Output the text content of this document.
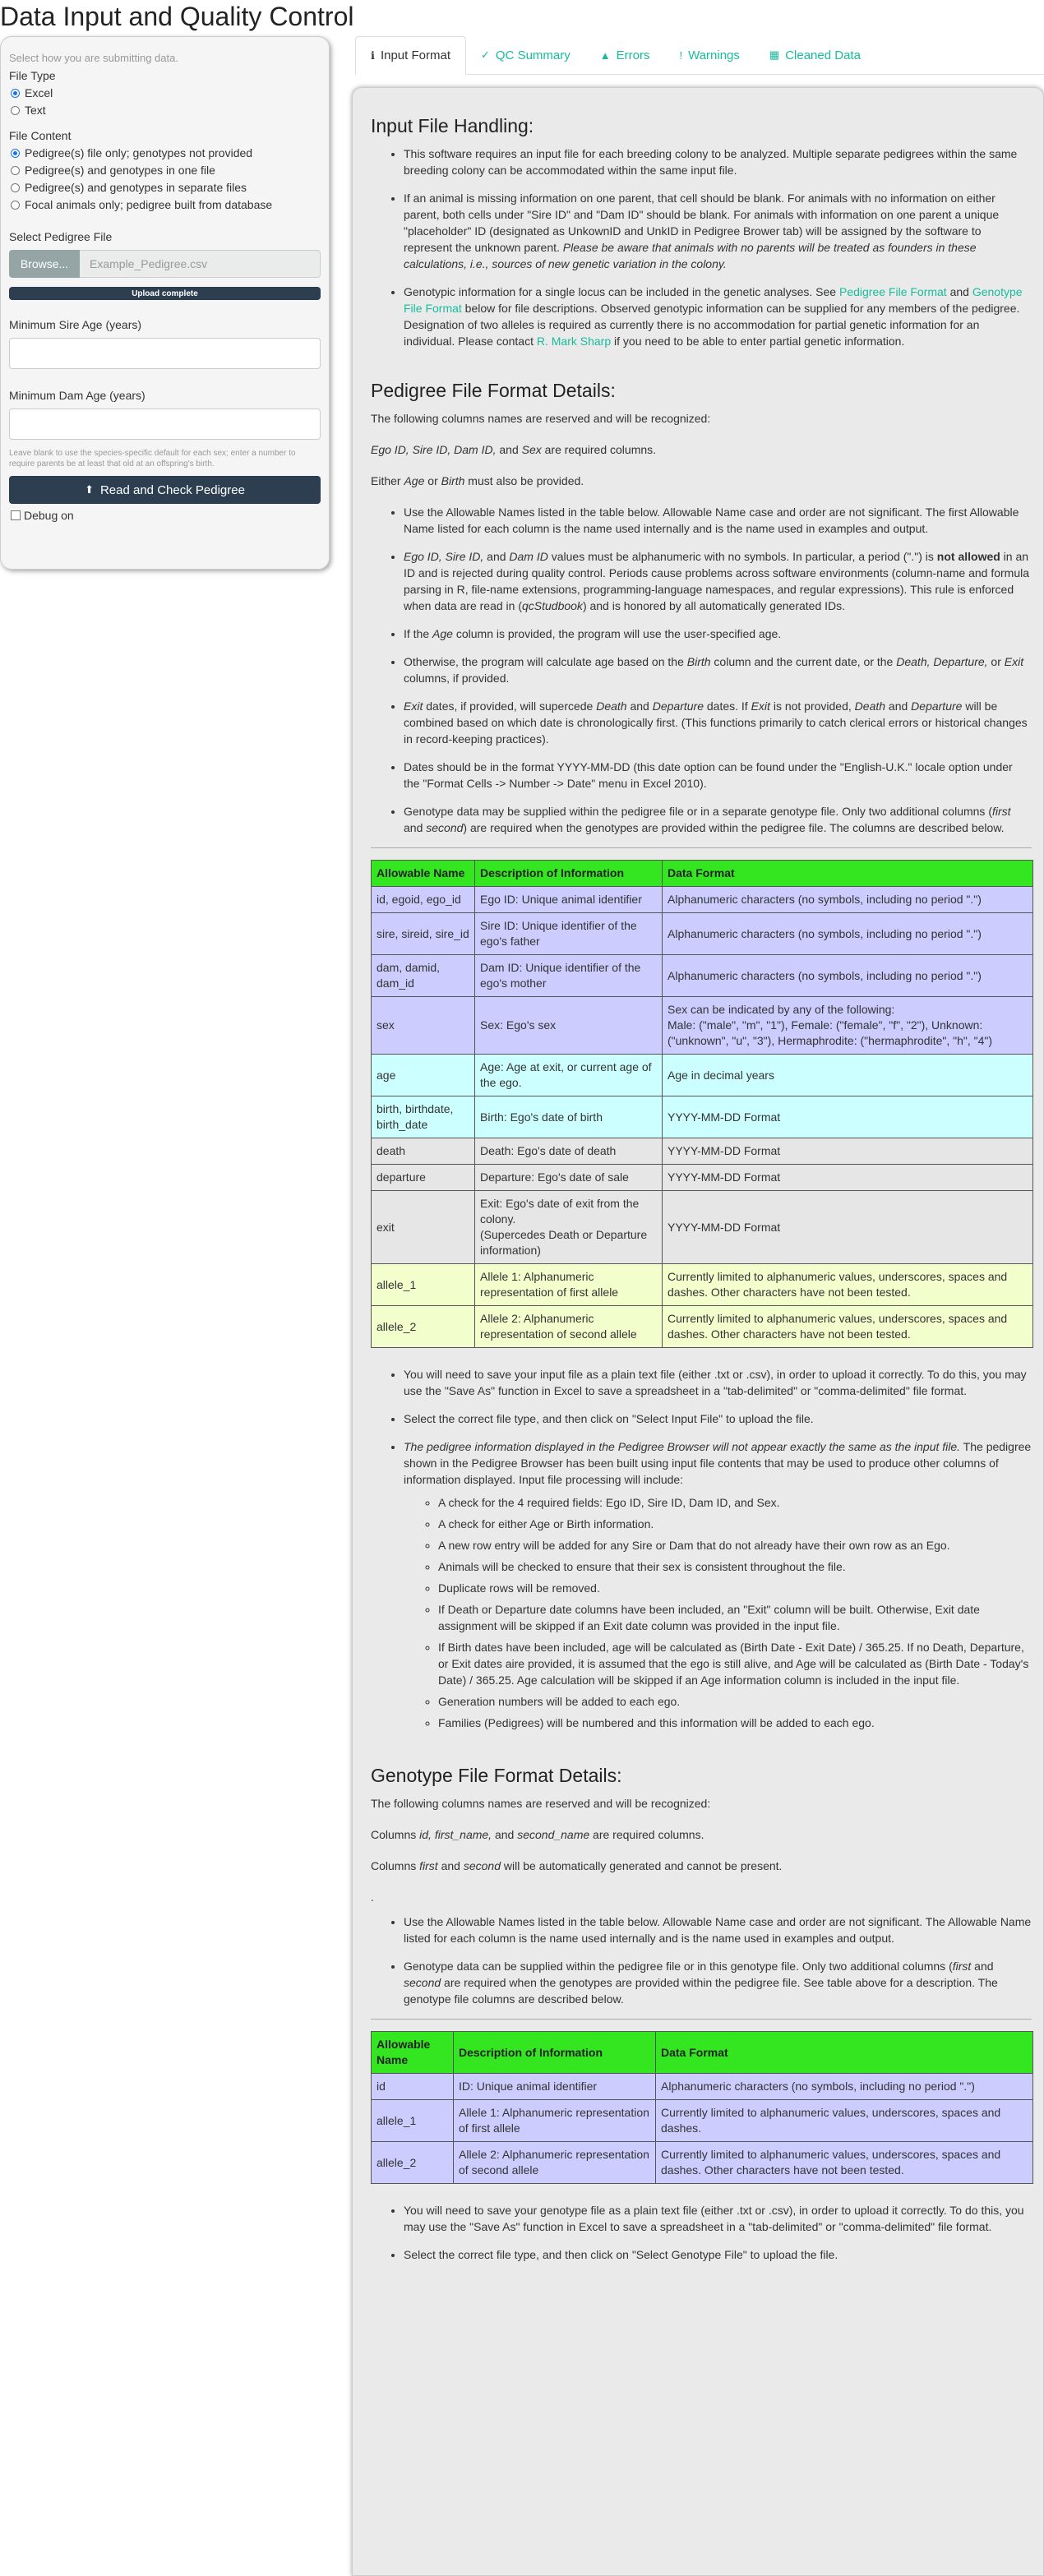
Data Input and Quality Control
Select how you are submitting data.
File Type
Excel
Text
File Content
Pedigree(s) file only; genotypes not provided
Pedigree(s) and genotypes in one file
Pedigree(s) and genotypes in separate files
Focal animals only; pedigree built from database
Select Pedigree File
Browse...	Example_Pedigree.csv
Upload complete
Minimum Sire Age (years)
Minimum Dam Age (years)
Leave blank to use the species-specific default for each sex; enter a number to require parents be at least that old at an offspring's birth.
⬆ Read and Check Pedigree
Debug on
ℹ Input Format	✓ QC Summary	▲ Errors	! Warnings	▦ Cleaned Data
Input File Handling:
• This software requires an input file for each breeding colony to be analyzed. Multiple separate pedigrees within the same breeding colony can be accommodated within the same input file.
• If an animal is missing information on one parent, that cell should be blank. For animals with no information on either parent, both cells under "Sire ID" and "Dam ID" should be blank. For animals with information on one parent a unique "placeholder" ID (designated as UnkownID and UnkID in Pedigree Brower tab) will be assigned by the software to represent the unknown parent. Please be aware that animals with no parents will be treated as founders in these calculations, i.e., sources of new genetic variation in the colony.
• Genotypic information for a single locus can be included in the genetic analyses. See Pedigree File Format and Genotype File Format below for file descriptions. Observed genotypic information can be supplied for any members of the pedigree. Designation of two alleles is required as currently there is no accommodation for partial genetic information for an individual. Please contact R. Mark Sharp if you need to be able to enter partial genetic information.
Pedigree File Format Details:

The following columns names are reserved and will be recognized:

Ego ID, Sire ID, Dam ID, and Sex are required columns.

Either Age or Birth must also be provided.

• Use the Allowable Names listed in the table below. Allowable Name case and order are not significant. The first Allowable Name listed for each column is the name used internally and is the name used in examples and output.
• Ego ID, Sire ID, and Dam ID values must be alphanumeric with no symbols. In particular, a period (".") is not allowed in an ID and is rejected during quality control. Periods cause problems across software environments (column-name and formula parsing in R, file-name extensions, programming-language namespaces, and regular expressions). This rule is enforced when data are read in (qcStudbook) and is honored by all automatically generated IDs.
• If the Age column is provided, the program will use the user-specified age.
• Otherwise, the program will calculate age based on the Birth column and the current date, or the Death, Departure, or Exit columns, if provided.
• Exit dates, if provided, will supercede Death and Departure dates. If Exit is not provided, Death and Departure will be combined based on which date is chronologically first. (This functions primarily to catch clerical errors or historical changes in record-keeping practices).
• Dates should be in the format YYYY-MM-DD (this date option can be found under the "English-U.K." locale option under the "Format Cells -> Number -> Date" menu in Excel 2010).
• Genotype data may be supplied within the pedigree file or in a separate genotype file. Only two additional columns (first and second) are required when the genotypes are provided within the pedigree file. The columns are described below.
Allowable Name	Description of Information	Data Format
id, egoid, ego_id	Ego ID: Unique animal identifier	Alphanumeric characters (no symbols, including no period ".")
sire, sireid, sire_id	Sire ID: Unique identifier of the ego's father	Alphanumeric characters (no symbols, including no period ".")
dam, damid, dam_id	Dam ID: Unique identifier of the ego's mother	Alphanumeric characters (no symbols, including no period ".")
sex	Sex: Ego's sex	Sex can be indicated by any of the following:
Male: ("male", "m", "1"), Female: ("female", "f", "2"), Unknown: ("unknown", "u", "3"), Hermaphrodite: ("hermaphrodite", "h", "4")
age	Age: Age at exit, or current age of the ego.	Age in decimal years
birth, birthdate, birth_date	Birth: Ego's date of birth	YYYY-MM-DD Format
death	Death: Ego's date of death	YYYY-MM-DD Format
departure	Departure: Ego's date of sale	YYYY-MM-DD Format
exit	Exit: Ego's date of exit from the colony.
(Supercedes Death or Departure information)	YYYY-MM-DD Format
allele_1	Allele 1: Alphanumeric representation of first allele	Currently limited to alphanumeric values, underscores, spaces and dashes. Other characters have not been tested.
allele_2	Allele 2: Alphanumeric representation of second allele	Currently limited to alphanumeric values, underscores, spaces and dashes. Other characters have not been tested.
• You will need to save your input file as a plain text file (either .txt or .csv), in order to upload it correctly. To do this, you may use the "Save As" function in Excel to save a spreadsheet in a "tab-delimited" or "comma-delimited" file format.
• Select the correct file type, and then click on "Select Input File" to upload the file.
• The pedigree information displayed in the Pedigree Browser will not appear exactly the same as the input file. The pedigree shown in the Pedigree Browser has been built using input file contents that may be used to produce other columns of information displayed. Input file processing will include:
◦ A check for the 4 required fields: Ego ID, Sire ID, Dam ID, and Sex.
◦ A check for either Age or Birth information.
◦ A new row entry will be added for any Sire or Dam that do not already have their own row as an Ego.
◦ Animals will be checked to ensure that their sex is consistent throughout the file.
◦ Duplicate rows will be removed.
◦ If Death or Departure date columns have been included, an "Exit" column will be built. Otherwise, Exit date assignment will be skipped if an Exit date column was provided in the input file.
◦ If Birth dates have been included, age will be calculated as (Birth Date - Exit Date) / 365.25. If no Death, Departure, or Exit dates aire provided, it is assumed that the ego is still alive, and Age will be calculated as (Birth Date - Today's Date) / 365.25. Age calculation will be skipped if an Age information column is included in the input file.
◦ Generation numbers will be added to each ego.
◦ Families (Pedigrees) will be numbered and this information will be added to each ego.
Genotype File Format Details:

The following columns names are reserved and will be recognized:

Columns id, first_name, and second_name are required columns.

Columns first and second will be automatically generated and cannot be present.

.
• Use the Allowable Names listed in the table below. Allowable Name case and order are not significant. The Allowable Name listed for each column is the name used internally and is the name used in examples and output.
• Genotype data can be supplied within the pedigree file or in this genotype file. Only two additional columns (first and second are required when the genotypes are provided within the pedigree file. See table above for a description. The genotype file columns are described below.
Allowable Name	Description of Information	Data Format
id	ID: Unique animal identifier	Alphanumeric characters (no symbols, including no period ".")
allele_1	Allele 1: Alphanumeric representation of first allele	Currently limited to alphanumeric values, underscores, spaces and dashes.
allele_2	Allele 2: Alphanumeric representation of second allele	Currently limited to alphanumeric values, underscores, spaces and dashes. Other characters have not been tested.
• You will need to save your genotype file as a plain text file (either .txt or .csv), in order to upload it correctly. To do this, you may use the "Save As" function in Excel to save a spreadsheet in a "tab-delimited" or "comma-delimited" file format.
• Select the correct file type, and then click on "Select Genotype File" to upload the file.
